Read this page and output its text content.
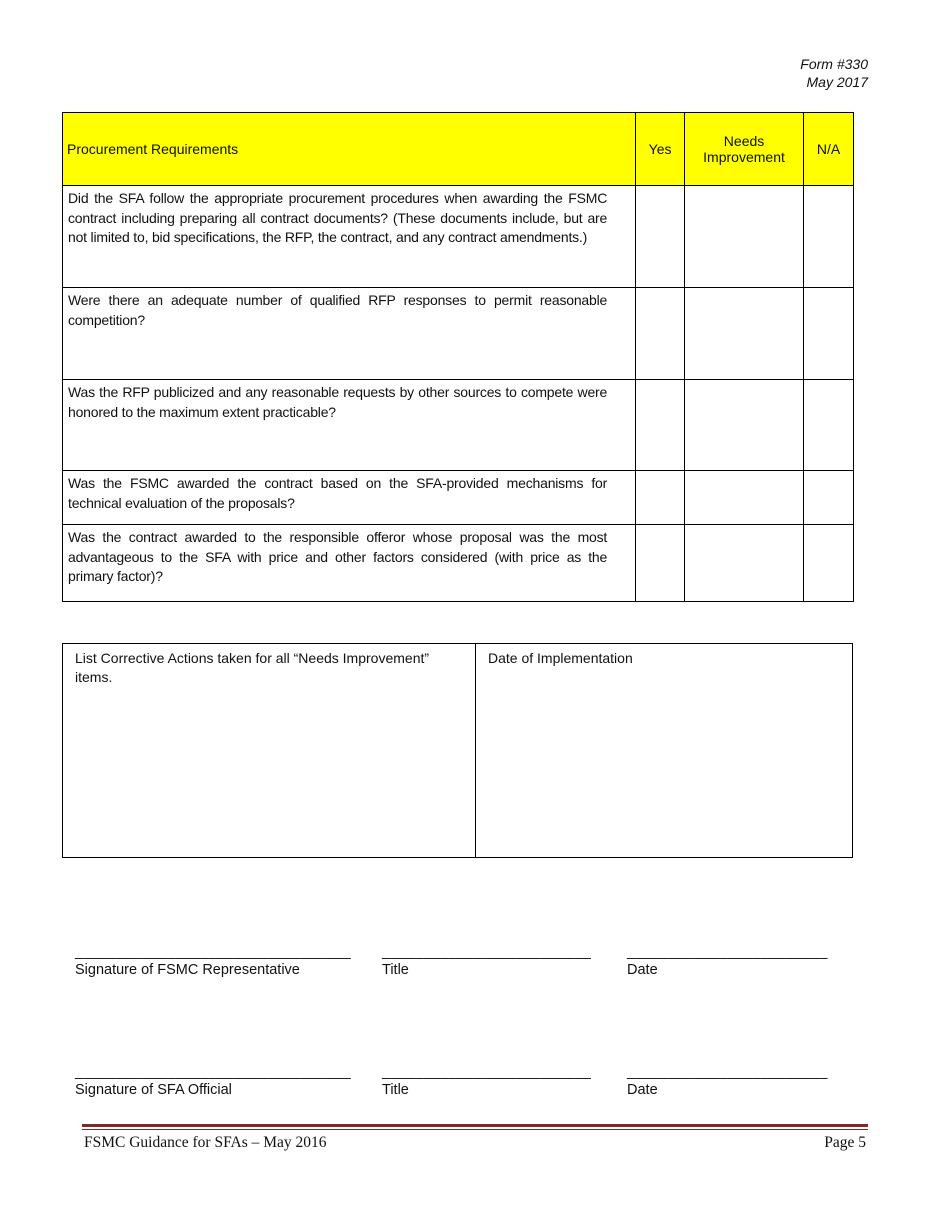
Form #330
May 2017
Procurement Requirements	Yes	Needs Improvement	N/A
Did the SFA follow the appropriate procurement procedures when awarding the FSMC contract including preparing all contract documents? (These documents include, but are not limited to, bid specifications, the RFP, the contract, and any contract amendments.)			
Were there an adequate number of qualified RFP responses to permit reasonable competition?			
Was the RFP publicized and any reasonable requests by other sources to compete were honored to the maximum extent practicable?			
Was the FSMC awarded the contract based on the SFA-provided mechanisms for technical evaluation of the proposals?			
Was the contract awarded to the responsible offeror whose proposal was the most advantageous to the SFA with price and other factors considered (with price as the primary factor)?			
List Corrective Actions taken for all “Needs Improvement” items.	Date of Implementation
_________________________________
Signature of FSMC Representative
_________________________
Title
________________________
Date
_________________________________
Signature of SFA Official
_________________________
Title
________________________
Date
FSMC Guidance for SFAs – May 2016	Page 5
